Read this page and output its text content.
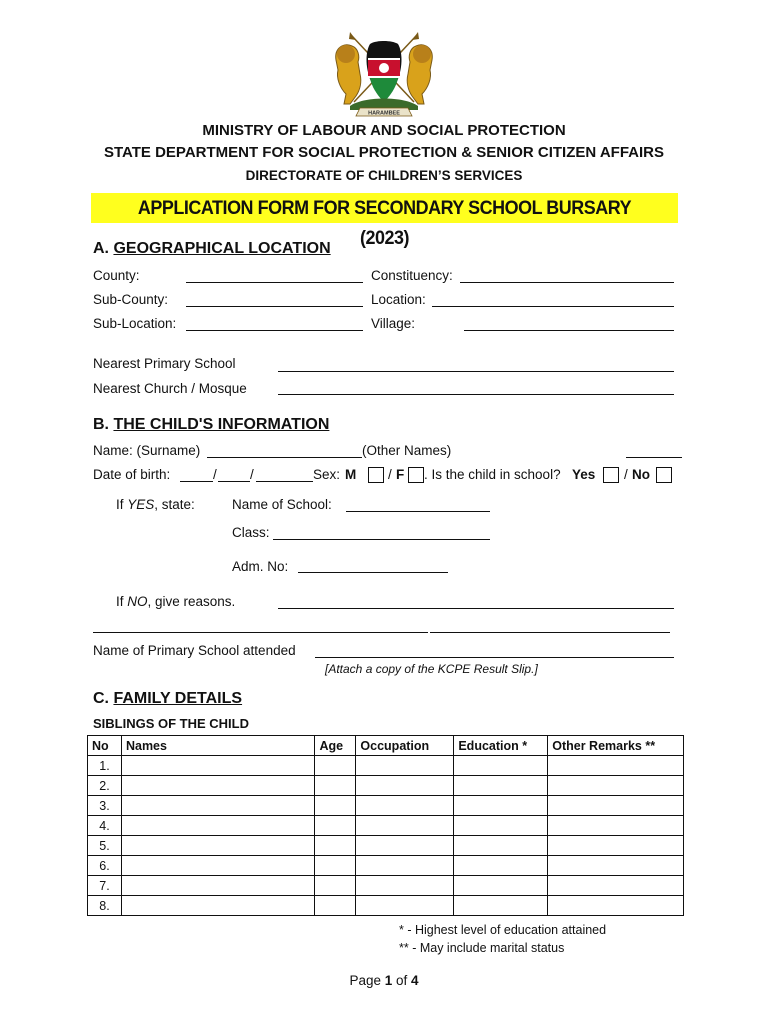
HARAMBEE
MINISTRY OF LABOUR AND SOCIAL PROTECTION
STATE DEPARTMENT FOR SOCIAL PROTECTION & SENIOR CITIZEN AFFAIRS
DIRECTORATE OF CHILDREN’S SERVICES
APPLICATION FORM FOR SECONDARY SCHOOL BURSARY (2023)
A. GEOGRAPHICAL LOCATION
County:	Constituency:
Sub-County:	Location:
Sub-Location:	Village:
Nearest Primary School
Nearest Church / Mosque
B. THE CHILD'S INFORMATION
Name: (Surname)	(Other Names)
Date of birth:	/ /	Sex: M / F . Is the child in school? Yes / No
If YES, state:	Name of School:
Class:
Adm. No:
If NO, give reasons.
Name of Primary School attended
[Attach a copy of the KCPE Result Slip.]
C. FAMILY DETAILS
SIBLINGS OF THE CHILD
No	Names	Age	Occupation	Education *	Other Remarks **
1.					
2.					
3.					
4.					
5.					
6.					
7.					
8.					
* - Highest level of education attained
** - May include marital status
Page 1 of 4
